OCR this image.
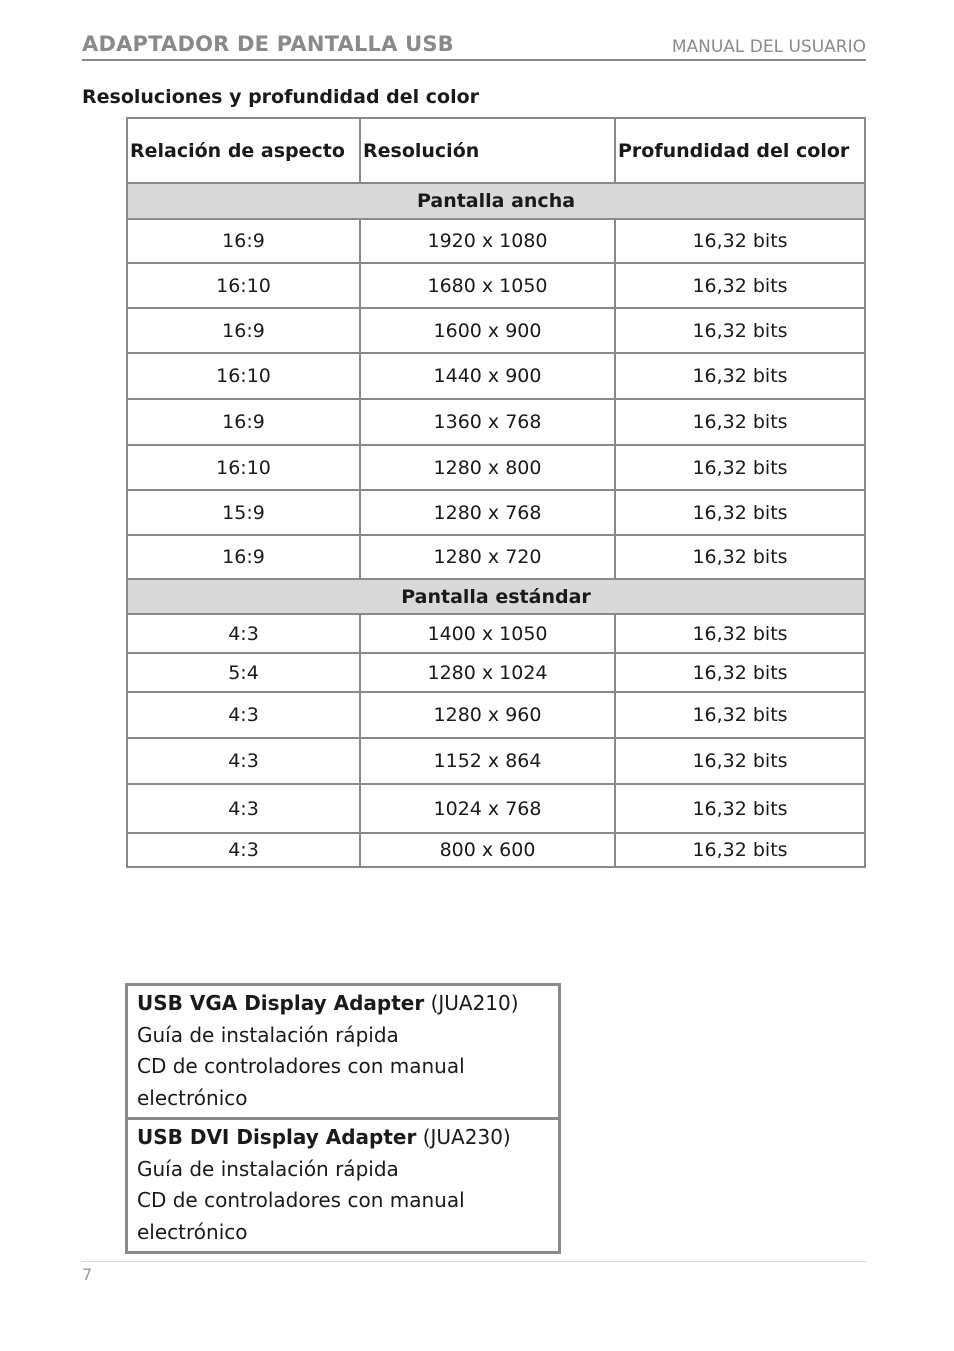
ADAPTADOR DE PANTALLA USB	MANUAL DEL USUARIO
Resoluciones y profundidad del color
Relación de aspecto	Resolución	Profundidad del color
Pantalla ancha		
16:9	1920 x 1080	16,32 bits
16:10	1680 x 1050	16,32 bits
16:9	1600 x 900	16,32 bits
16:10	1440 x 900	16,32 bits
16:9	1360 x 768	16,32 bits
16:10	1280 x 800	16,32 bits
15:9	1280 x 768	16,32 bits
16:9	1280 x 720	16,32 bits
Pantalla estándar		
4:3	1400 x 1050	16,32 bits
5:4	1280 x 1024	16,32 bits
4:3	1280 x 960	16,32 bits
4:3	1152 x 864	16,32 bits
4:3	1024 x 768	16,32 bits
4:3	800 x 600	16,32 bits
USB VGA Display Adapter (JUA210)
Guía de instalación rápida
CD de controladores con manual electrónico

USB DVI Display Adapter (JUA230)
Guía de instalación rápida
CD de controladores con manual electrónico
7
